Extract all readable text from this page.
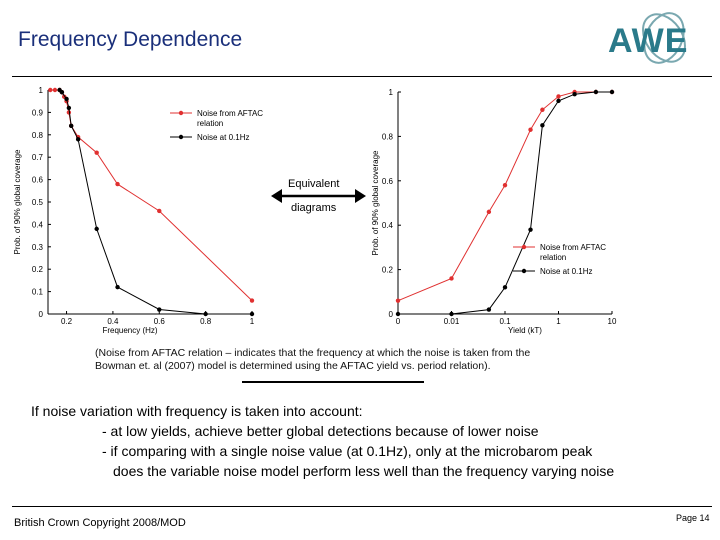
Frequency Dependence	AWE
0
0.1
0.2
0.3
0.4
0.5
0.6
0.7
0.8
0.9
1
0.2	0.4	0.6	0.8	1
Frequency (Hz)
Prob. of 90% global coverage
Noise from AFTAC
relation
Noise at 0.1Hz
Equivalent
diagrams
0
0.2
0.4
0.6
0.8
1
0	0.01	0.1	1	10
Yield (kT)
Prob. of 90% global coverage	Noise from AFTAC
relation
Noise at 0.1Hz
(Noise from AFTAC relation – indicates that the frequency at which the noise is taken from the
Bowman et. al (2007) model is determined using the AFTAC yield vs. period relation).
If noise variation with frequency is taken into account:
- at low yields, achieve better global detections because of lower noise
- if comparing with a single noise value (at 0.1Hz), only at the microbarom peak
does the variable noise model perform less well than the frequency varying noise
British Crown Copyright 2008/MOD	Page 14
